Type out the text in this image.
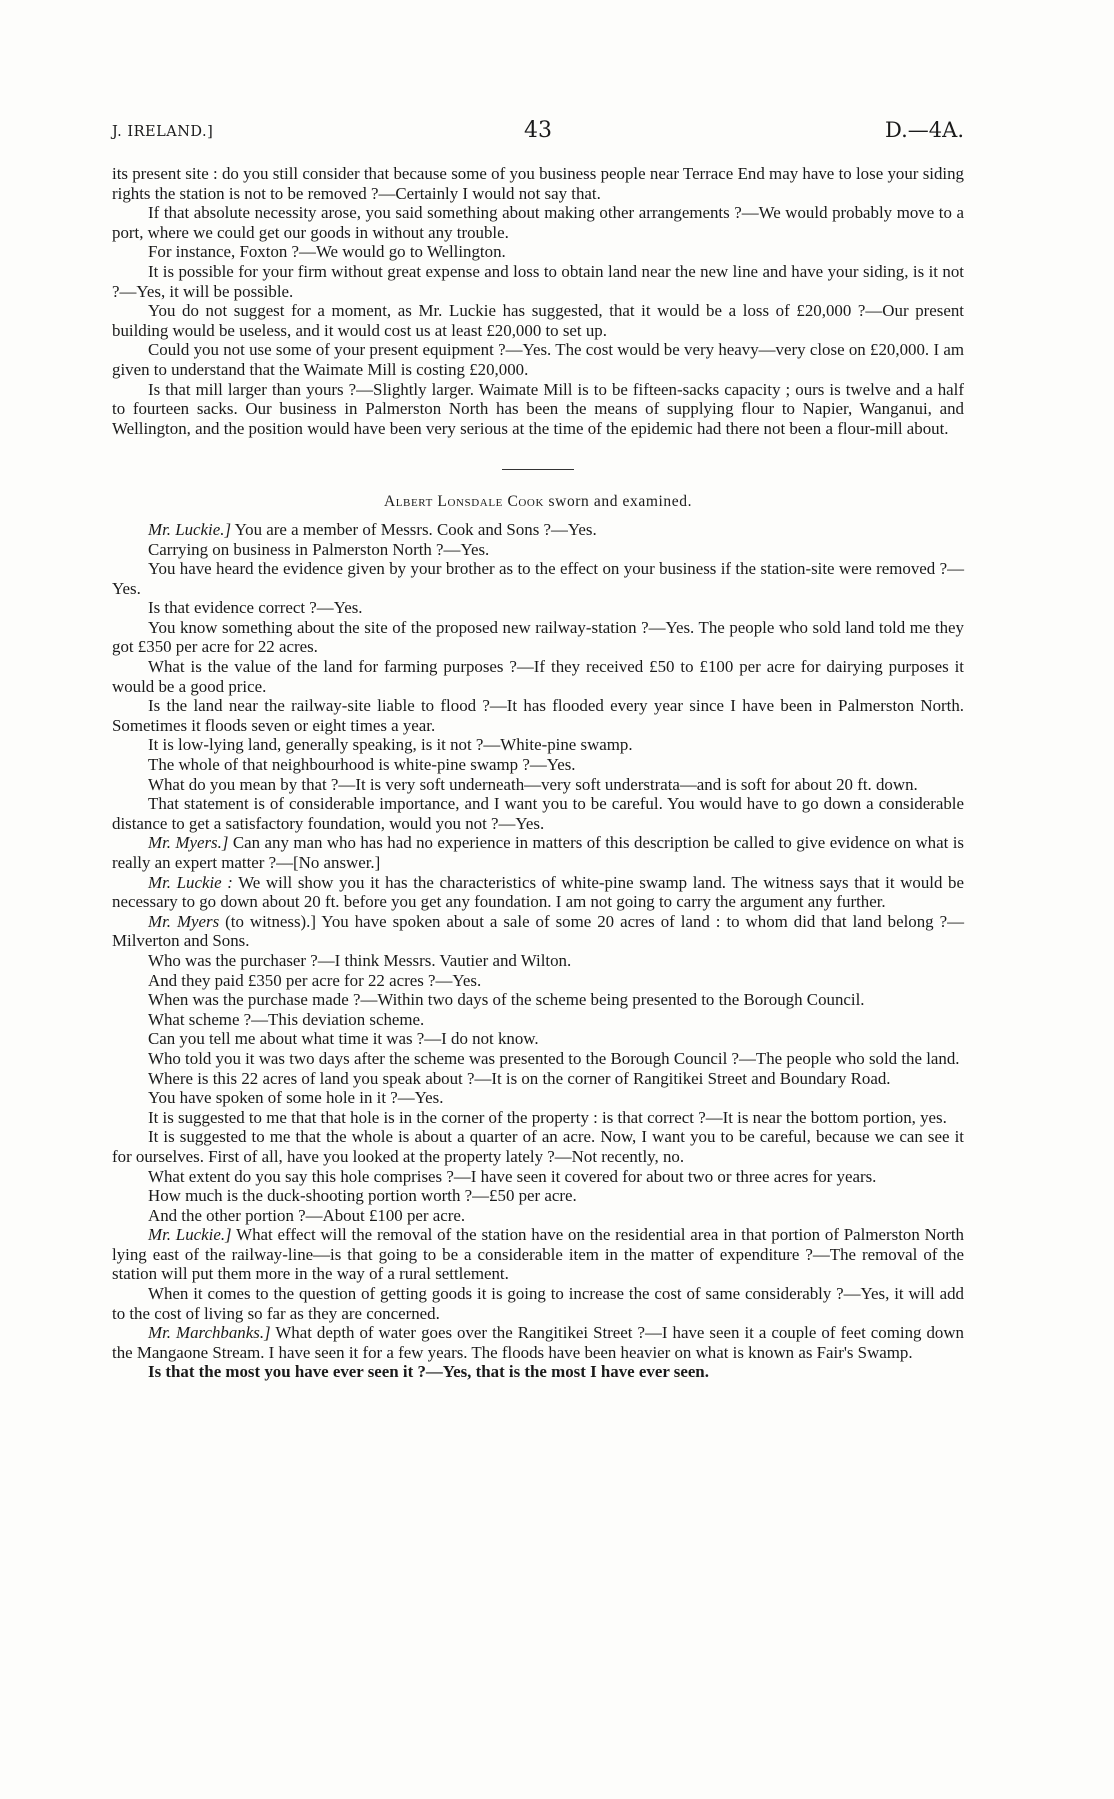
J. IRELAND.]	43	D.—4A.

its present site : do you still consider that because some of you business people near Terrace End may have to lose your siding rights the station is not to be removed ?—Certainly I would not say that.

If that absolute necessity arose, you said something about making other arrangements ?—We would probably move to a port, where we could get our goods in without any trouble.

For instance, Foxton ?—We would go to Wellington.

It is possible for your firm without great expense and loss to obtain land near the new line and have your siding, is it not ?—Yes, it will be possible.

You do not suggest for a moment, as Mr. Luckie has suggested, that it would be a loss of £20,000 ?—Our present building would be useless, and it would cost us at least £20,000 to set up.

Could you not use some of your present equipment ?—Yes. The cost would be very heavy—very close on £20,000. I am given to understand that the Waimate Mill is costing £20,000.

Is that mill larger than yours ?—Slightly larger. Waimate Mill is to be fifteen-sacks capacity ; ours is twelve and a half to fourteen sacks. Our business in Palmerston North has been the means of supplying flour to Napier, Wanganui, and Wellington, and the position would have been very serious at the time of the epidemic had there not been a flour-mill about.

Albert Lonsdale Cook sworn and examined.

Mr. Luckie.] You are a member of Messrs. Cook and Sons ?—Yes.

Carrying on business in Palmerston North ?—Yes.

You have heard the evidence given by your brother as to the effect on your business if the station-site were removed ?—Yes.

Is that evidence correct ?—Yes.

You know something about the site of the proposed new railway-station ?—Yes. The people who sold land told me they got £350 per acre for 22 acres.

What is the value of the land for farming purposes ?—If they received £50 to £100 per acre for dairying purposes it would be a good price.

Is the land near the railway-site liable to flood ?—It has flooded every year since I have been in Palmerston North. Sometimes it floods seven or eight times a year.

It is low-lying land, generally speaking, is it not ?—White-pine swamp.

The whole of that neighbourhood is white-pine swamp ?—Yes.

What do you mean by that ?—It is very soft underneath—very soft understrata—and is soft for about 20 ft. down.

That statement is of considerable importance, and I want you to be careful. You would have to go down a considerable distance to get a satisfactory foundation, would you not ?—Yes.

Mr. Myers.] Can any man who has had no experience in matters of this description be called to give evidence on what is really an expert matter ?—[No answer.]

Mr. Luckie : We will show you it has the characteristics of white-pine swamp land. The witness says that it would be necessary to go down about 20 ft. before you get any foundation. I am not going to carry the argument any further.

Mr. Myers (to witness).] You have spoken about a sale of some 20 acres of land : to whom did that land belong ?—Milverton and Sons.

Who was the purchaser ?—I think Messrs. Vautier and Wilton.

And they paid £350 per acre for 22 acres ?—Yes.

When was the purchase made ?—Within two days of the scheme being presented to the Borough Council.

What scheme ?—This deviation scheme.

Can you tell me about what time it was ?—I do not know.

Who told you it was two days after the scheme was presented to the Borough Council ?—The people who sold the land.

Where is this 22 acres of land you speak about ?—It is on the corner of Rangitikei Street and Boundary Road.

You have spoken of some hole in it ?—Yes.

It is suggested to me that that hole is in the corner of the property : is that correct ?—It is near the bottom portion, yes.

It is suggested to me that the whole is about a quarter of an acre. Now, I want you to be careful, because we can see it for ourselves. First of all, have you looked at the property lately ?—Not recently, no.

What extent do you say this hole comprises ?—I have seen it covered for about two or three acres for years.

How much is the duck-shooting portion worth ?—£50 per acre.

And the other portion ?—About £100 per acre.

Mr. Luckie.] What effect will the removal of the station have on the residential area in that portion of Palmerston North lying east of the railway-line—is that going to be a considerable item in the matter of expenditure ?—The removal of the station will put them more in the way of a rural settlement.

When it comes to the question of getting goods it is going to increase the cost of same considerably ?—Yes, it will add to the cost of living so far as they are concerned.

Mr. Marchbanks.] What depth of water goes over the Rangitikei Street ?—I have seen it a couple of feet coming down the Mangaone Stream. I have seen it for a few years. The floods have been heavier on what is known as Fair's Swamp.

Is that the most you have ever seen it ?—Yes, that is the most I have ever seen.
